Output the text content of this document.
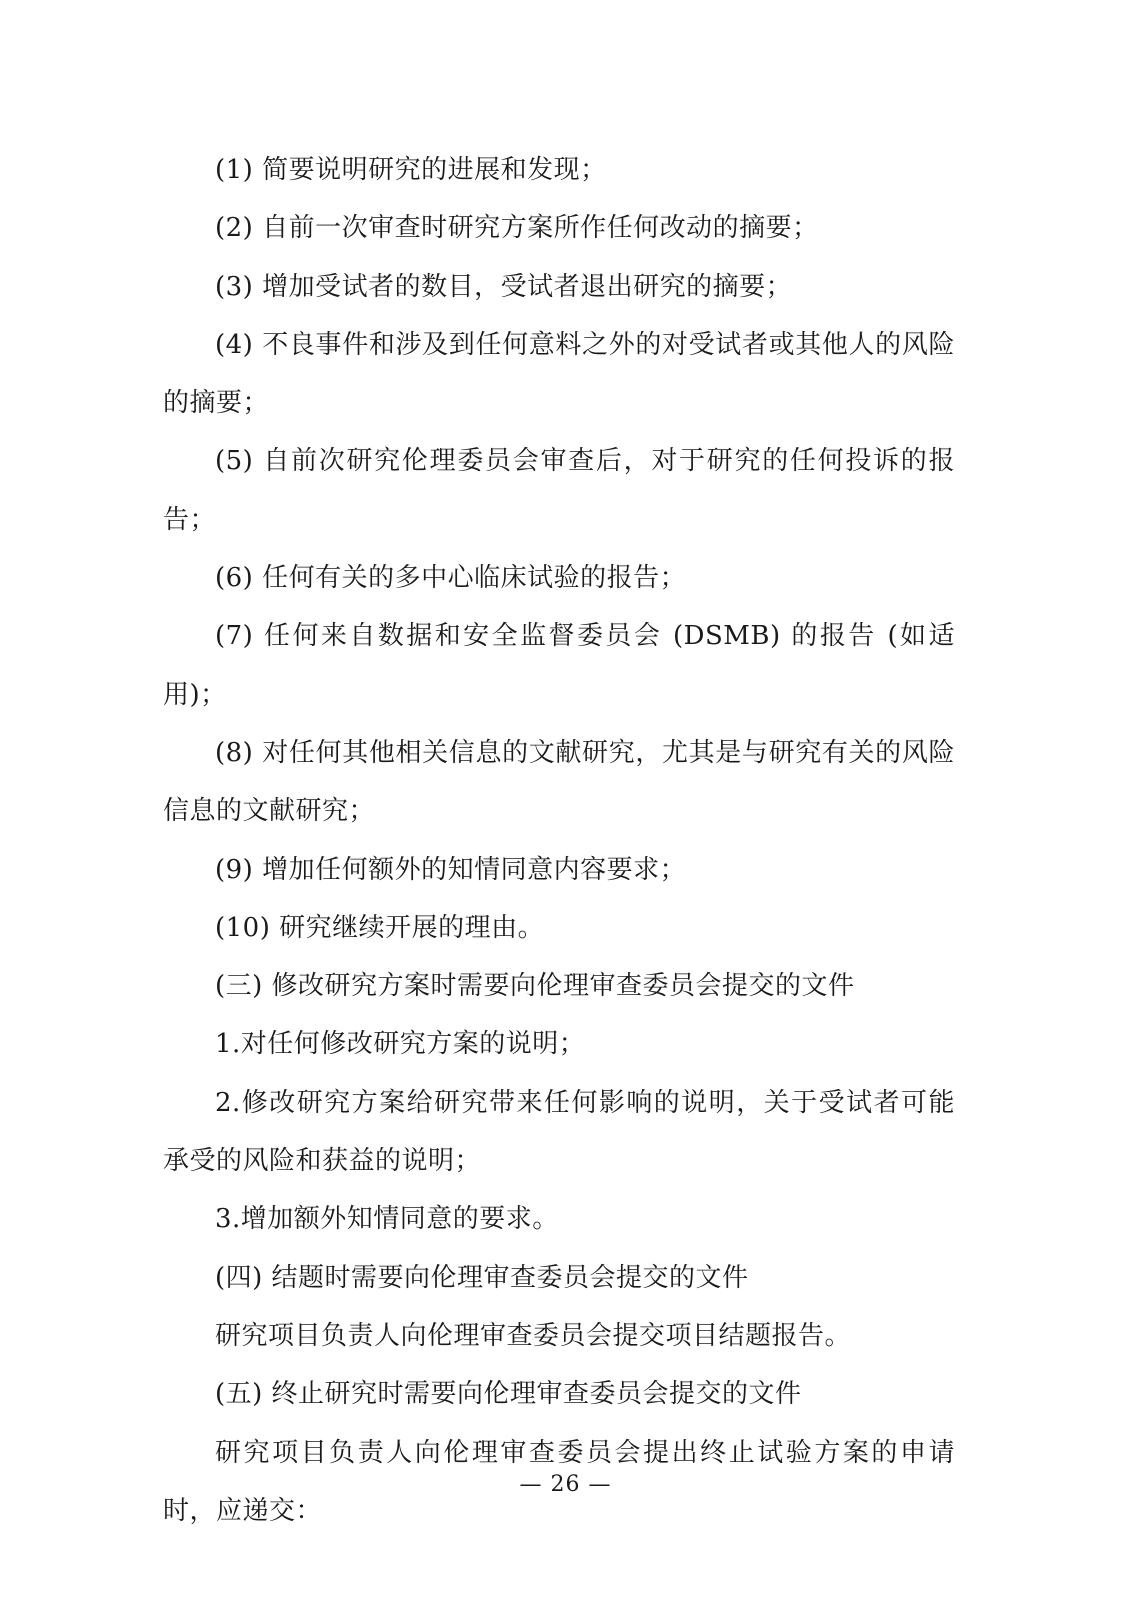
(1) 简要说明研究的进展和发现；

(2) 自前一次审查时研究方案所作任何改动的摘要；

(3) 增加受试者的数目，受试者退出研究的摘要；

(4) 不良事件和涉及到任何意料之外的对受试者或其他人的风险的摘要；

(5) 自前次研究伦理委员会审查后，对于研究的任何投诉的报告；

(6) 任何有关的多中心临床试验的报告；

(7) 任何来自数据和安全监督委员会 (DSMB) 的报告 (如适用)；

(8) 对任何其他相关信息的文献研究，尤其是与研究有关的风险信息的文献研究；

(9) 增加任何额外的知情同意内容要求；

(10) 研究继续开展的理由。

(三) 修改研究方案时需要向伦理审查委员会提交的文件

1.对任何修改研究方案的说明；

2.修改研究方案给研究带来任何影响的说明，关于受试者可能承受的风险和获益的说明；

3.增加额外知情同意的要求。

(四) 结题时需要向伦理审查委员会提交的文件

研究项目负责人向伦理审查委员会提交项目结题报告。

(五) 终止研究时需要向伦理审查委员会提交的文件

研究项目负责人向伦理审查委员会提出终止试验方案的申请时，应递交：

— 26 —
